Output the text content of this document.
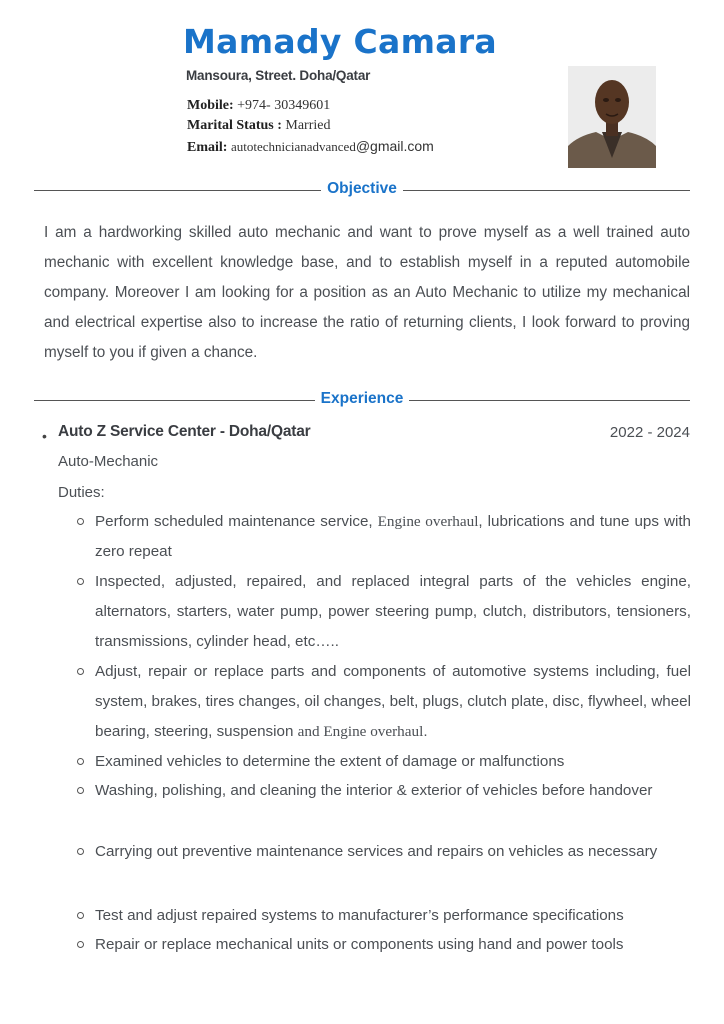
Mamady Camara
Mansoura, Street. Doha/Qatar
Mobile: +974- 30349601
Marital Status : Married
Email: autotechnicianadvanced@gmail.com
Objective
I am a hardworking skilled auto mechanic and want to prove myself as a well trained auto mechanic with excellent knowledge base, and to establish myself in a reputed automobile company. Moreover I am looking for a position as an Auto Mechanic to utilize my mechanical and electrical expertise also to increase the ratio of returning clients, I look forward to proving myself to you if given a chance.
Experience
• Auto Z Service Center - Doha/Qatar	2022 - 2024
Auto-Mechanic
Duties:
Perform scheduled maintenance service, Engine overhaul, lubrications and tune ups with zero repeat
Inspected, adjusted, repaired, and replaced integral parts of the vehicles engine, alternators, starters, water pump, power steering pump, clutch, distributors, tensioners, transmissions, cylinder head, etc…..
Adjust, repair or replace parts and components of automotive systems including, fuel system, brakes, tires changes, oil changes, belt, plugs, clutch plate, disc, flywheel, wheel bearing, steering, suspension and Engine overhaul.
Examined vehicles to determine the extent of damage or malfunctions
Washing, polishing, and cleaning the interior & exterior of vehicles before handover
Carrying out preventive maintenance services and repairs on vehicles as necessary
Test and adjust repaired systems to manufacturer’s performance specifications
Repair or replace mechanical units or components using hand and power tools
